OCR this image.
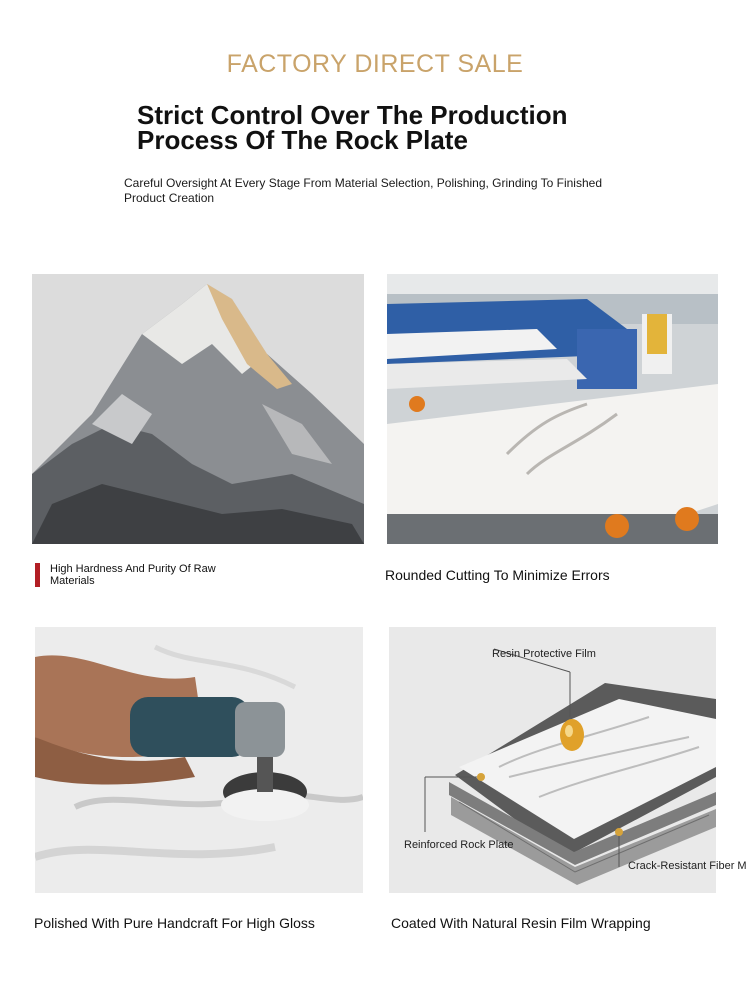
FACTORY DIRECT SALE
Strict Control Over The Production Process Of The Rock Plate
Careful Oversight At Every Stage From Material Selection, Polishing, Grinding To Finished Product Creation
High Hardness And Purity Of Raw Materials	Rounded Cutting To Minimize Errors
Polished With Pure Handcraft For High Gloss
Resin Protective Film
Reinforced Rock Plate
Crack-Resistant Fiber M
Coated With Natural Resin Film Wrapping
